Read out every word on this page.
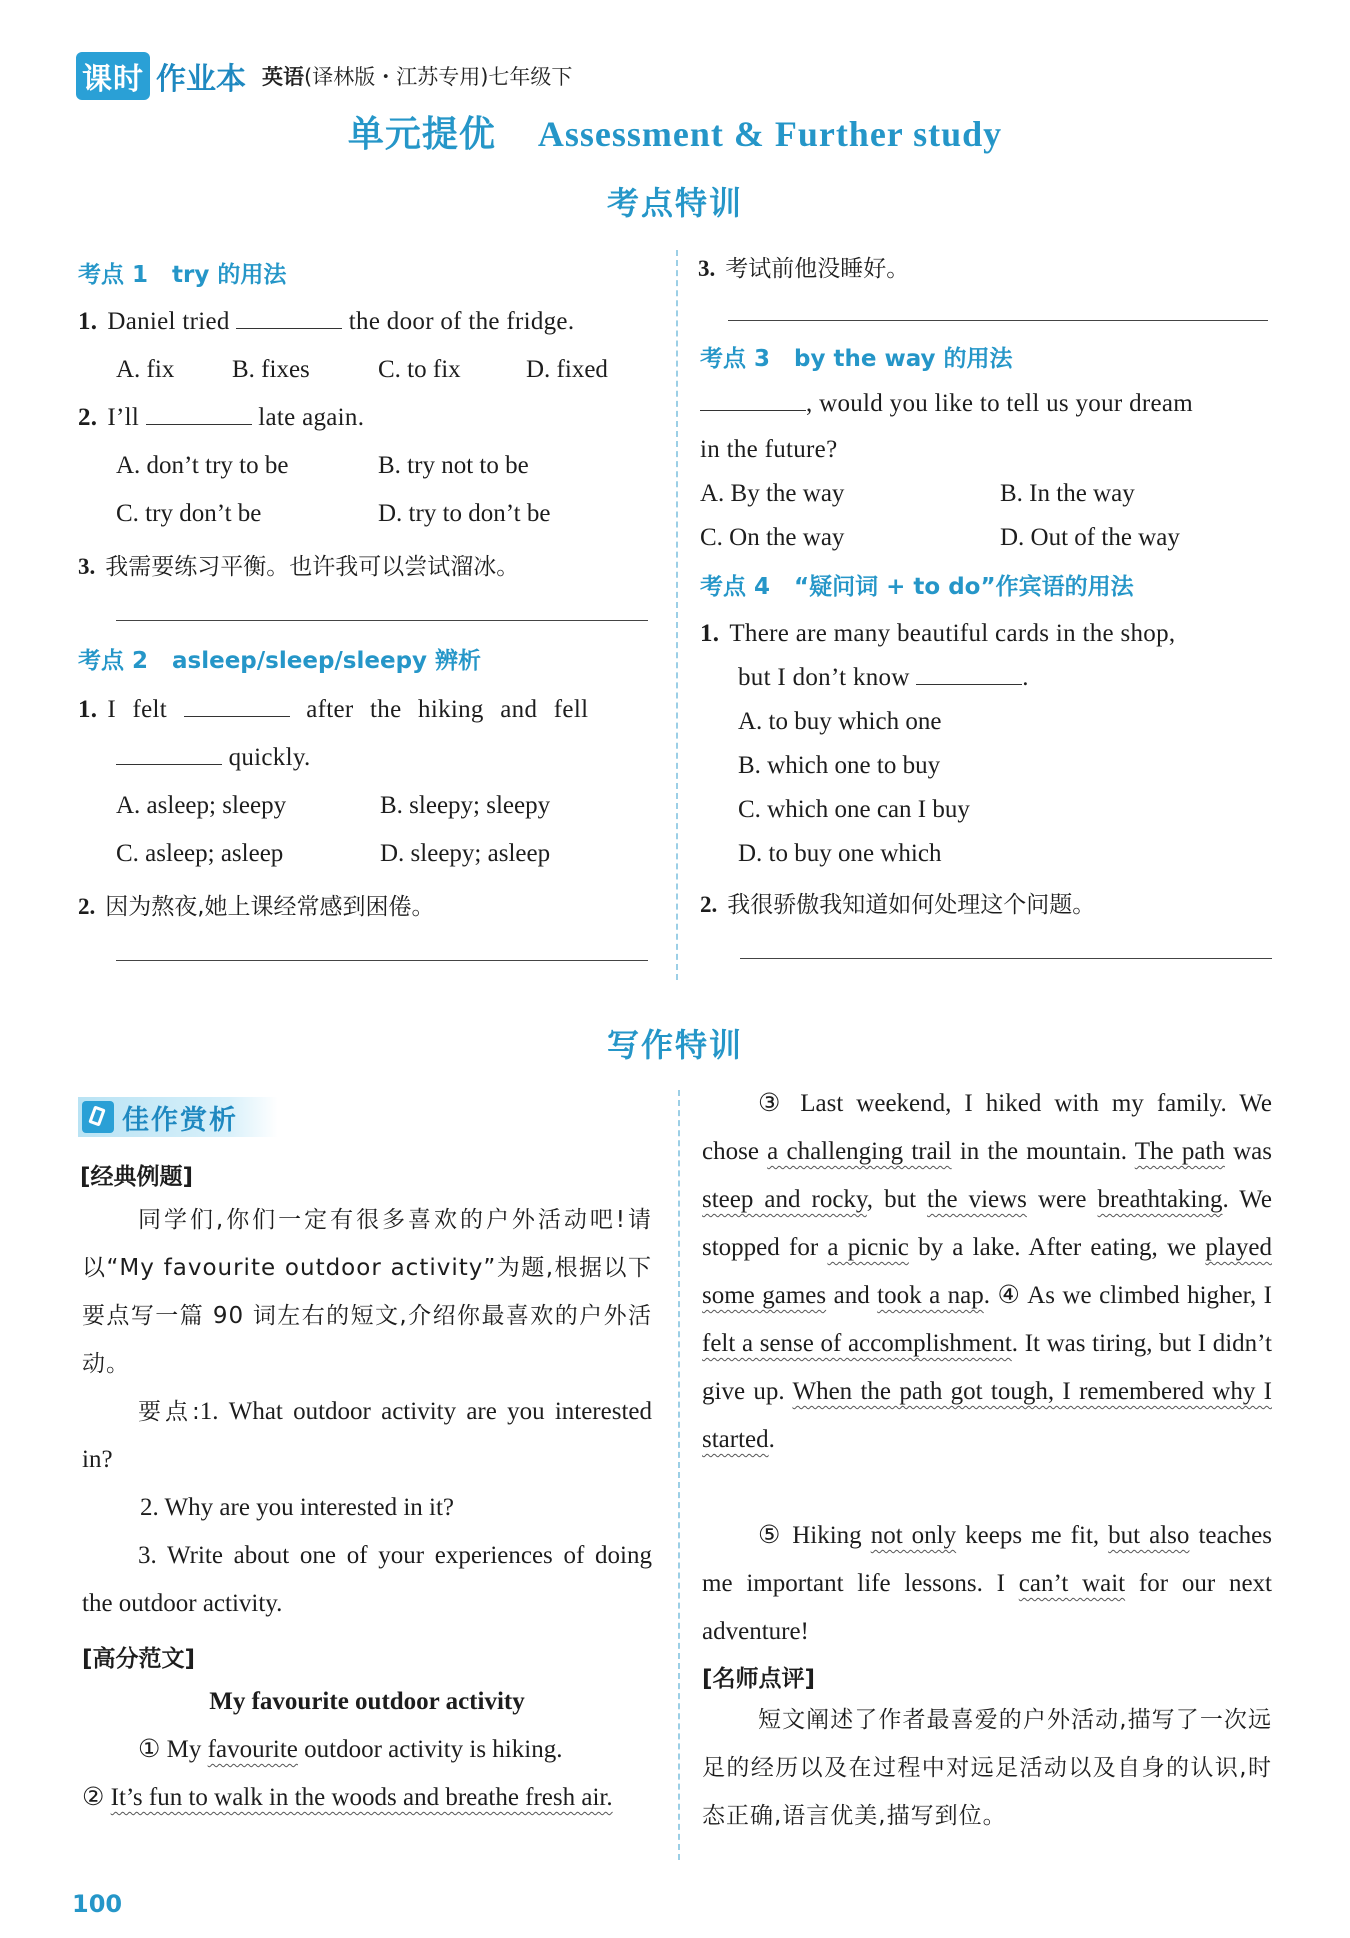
课时 作业本 英语(译林版・江苏专用)七年级下
单元提优 Assessment & Further study
考点特训
考点 1 try 的用法
1. Daniel tried	the door of the fridge.
A. fix B. fixes	C. to fix	D. fixed
2. I’ll	late again.
A. don’t try to be	B. try not to be
C. try don’t be	D. try to don’t be
3. 我需要练习平衡。也许我可以尝试溜冰。
考点 2 asleep/sleep/sleepy 辨析
1. I felt	after the hiking and fell
quickly.
A. asleep; sleepy	B. sleepy; sleepy
C. asleep; asleep	D. sleepy; asleep
2. 因为熬夜,她上课经常感到困倦。
3. 考试前他没睡好。
考点 3 by the way 的用法
, would you like to tell us your dream
in the future?
A. By the way	B. In the way
C. On the way	D. Out of the way
考点 4 “疑问词 + to do”作宾语的用法
1. There are many beautiful cards in the shop,
but I don’t know	.
A. to buy which one
B. which one to buy
C. which one can I buy
D. to buy one which
2. 我很骄傲我知道如何处理这个问题。
写作特训
佳作赏析
[经典例题]
同学们,你们一定有很多喜欢的户外活动吧!请以“My favourite outdoor activity”为题,根据以下要点写一篇 90 词左右的短文,介绍你最喜欢的户外活动。
要点:1. What outdoor activity are you interested in?
2. Why are you interested in it?
3. Write about one of your experiences of doing the outdoor activity.
[高分范文]
My favourite outdoor activity
① My favourite outdoor activity is hiking.
② It’s fun to walk in the woods and breathe fresh air.
③ Last weekend, I hiked with my family. We chose a challenging trail in the mountain. The path was steep and rocky, but the views were breathtaking. We stopped for a picnic by a lake. After eating, we played some games and took a nap. ④ As we climbed higher, I felt a sense of accomplishment. It was tiring, but I didn’t give up. When the path got tough, I remembered why I started.
⑤ Hiking not only keeps me fit, but also teaches me important life lessons. I can’t wait for our next adventure!
[名师点评]
短文阐述了作者最喜爱的户外活动,描写了一次远足的经历以及在过程中对远足活动以及自身的认识,时态正确,语言优美,描写到位。
100
